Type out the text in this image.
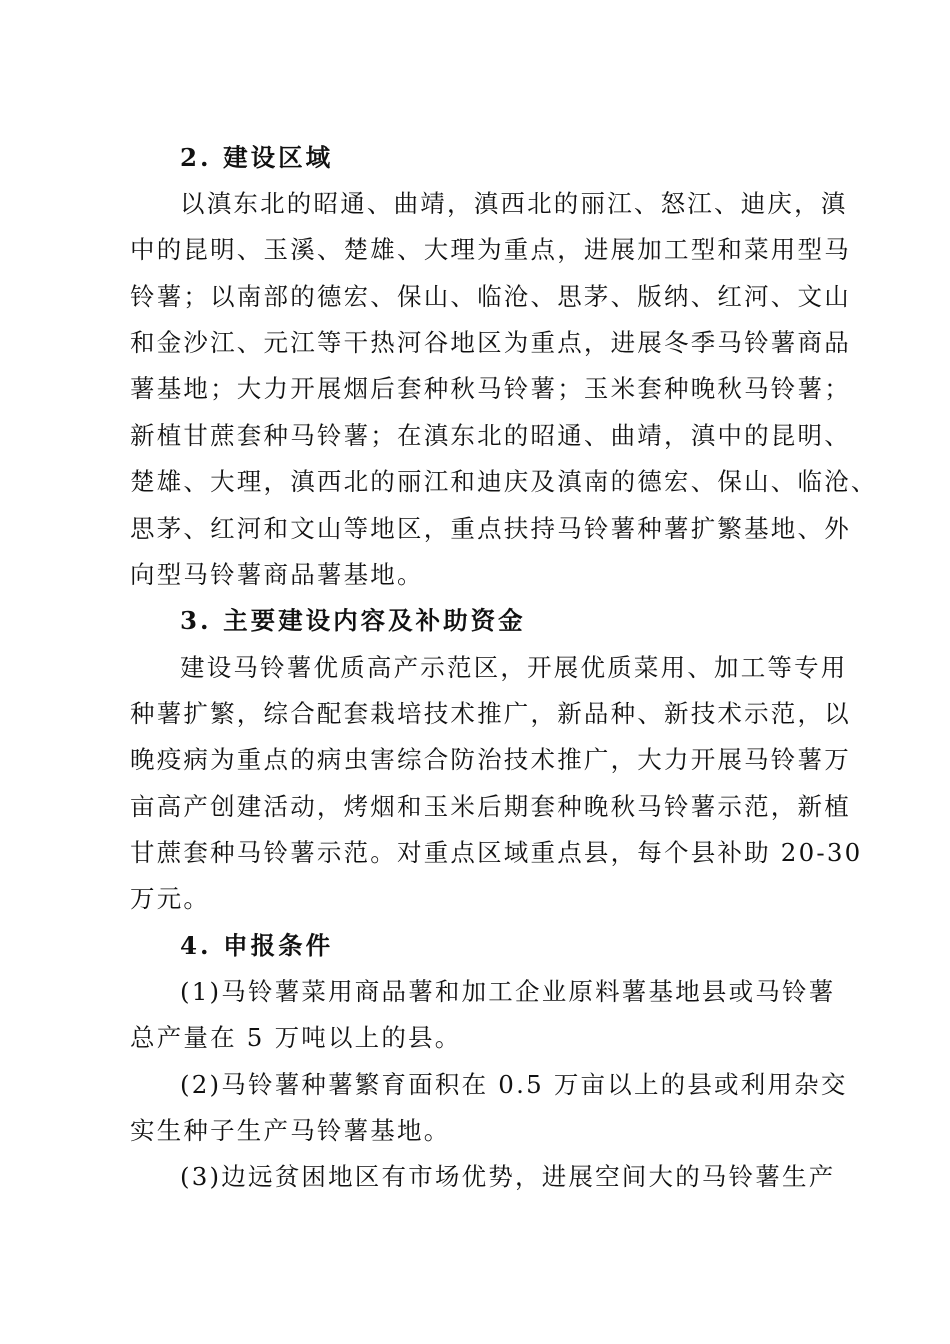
2. 建设区域
以滇东北的昭通、曲靖，滇西北的丽江、怒江、迪庆，滇
中的昆明、玉溪、楚雄、大理为重点，进展加工型和菜用型马
铃薯；以南部的德宏、保山、临沧、思茅、版纳、红河、文山
和金沙江、元江等干热河谷地区为重点，进展冬季马铃薯商品
薯基地；大力开展烟后套种秋马铃薯；玉米套种晚秋马铃薯；
新植甘蔗套种马铃薯；在滇东北的昭通、曲靖，滇中的昆明、
楚雄、大理，滇西北的丽江和迪庆及滇南的德宏、保山、临沧、
思茅、红河和文山等地区，重点扶持马铃薯种薯扩繁基地、外
向型马铃薯商品薯基地。
3. 主要建设内容及补助资金
建设马铃薯优质高产示范区，开展优质菜用、加工等专用
种薯扩繁，综合配套栽培技术推广，新品种、新技术示范，以
晚疫病为重点的病虫害综合防治技术推广，大力开展马铃薯万
亩高产创建活动，烤烟和玉米后期套种晚秋马铃薯示范，新植
甘蔗套种马铃薯示范。对重点区域重点县，每个县补助 20-30
万元。
4. 申报条件
(1)马铃薯菜用商品薯和加工企业原料薯基地县或马铃薯
总产量在 5 万吨以上的县。
(2)马铃薯种薯繁育面积在 0.5 万亩以上的县或利用杂交
实生种子生产马铃薯基地。
(3)边远贫困地区有市场优势，进展空间大的马铃薯生产
